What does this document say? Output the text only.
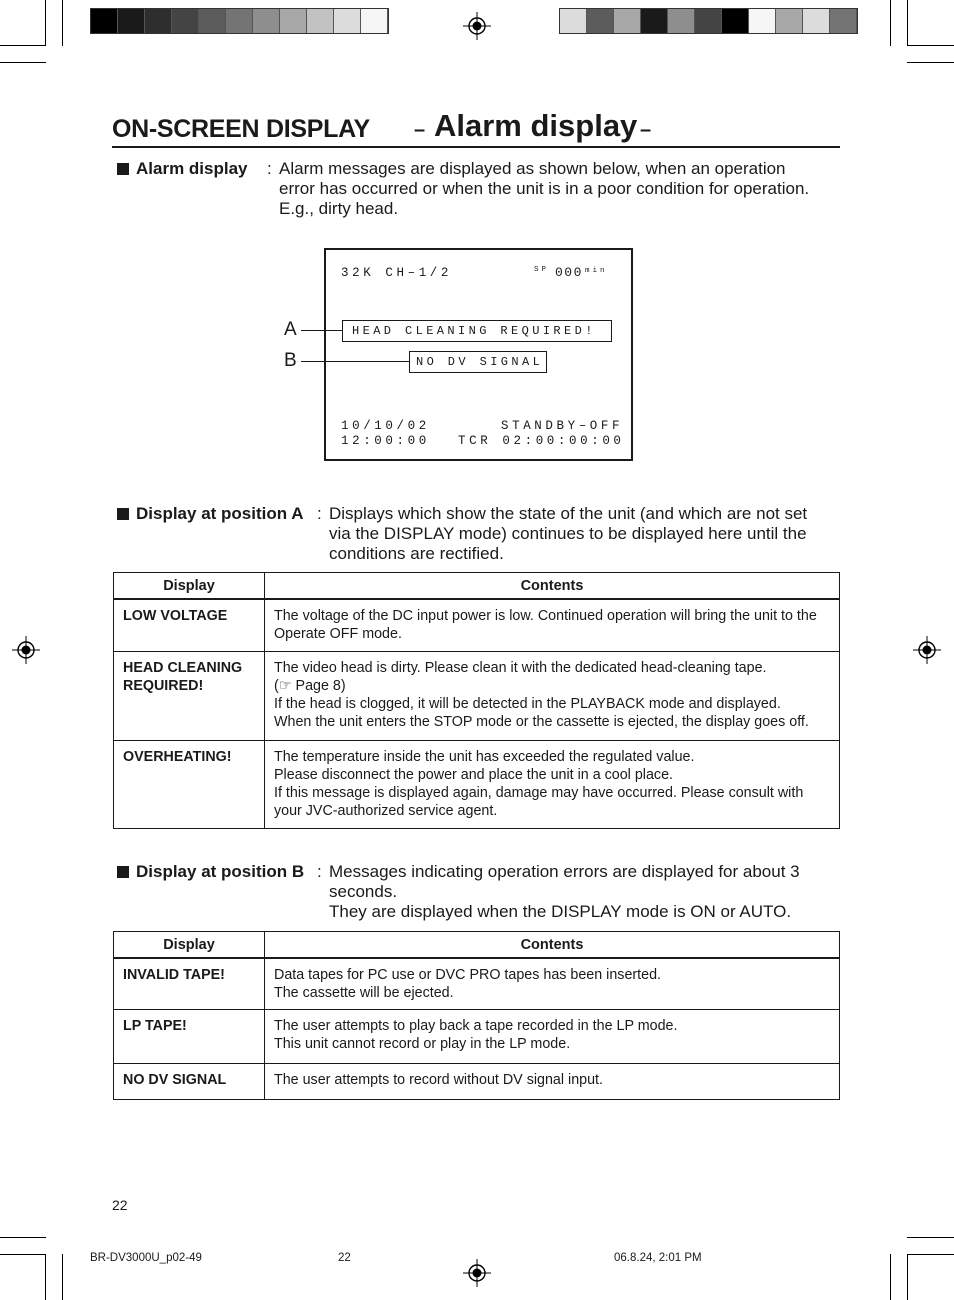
ON-SCREEN DISPLAY – Alarm display –
Alarm display : Alarm messages are displayed as shown below, when an operation
error has occurred or when the unit is in a poor condition for operation.
E.g., dirty head.
32K CH–1/2	SP 000 min
HEAD CLEANING REQUIRED!
NO DV SIGNAL
10/10/02	STANDBY–OFF
12:00:00 TCR 02:00:00:00
A
B
Display at position A : Displays which show the state of the unit (and which are not set
via the DISPLAY mode) continues to be displayed here until the
conditions are rectified.
Display	Contents
LOW VOLTAGE	The voltage of the DC input power is low. Continued operation will bring the unit to the
Operate OFF mode.

HEAD CLEANING REQUIRED!	The video head is dirty. Please clean it with the dedicated head-cleaning tape.
(☞ Page 8)
If the head is clogged, it will be detected in the PLAYBACK mode and displayed.
When the unit enters the STOP mode or the cassette is ejected, the display goes off.

OVERHEATING!	The temperature inside the unit has exceeded the regulated value.
Please disconnect the power and place the unit in a cool place.
If this message is displayed again, damage may have occurred. Please consult with
your JVC-authorized service agent.
Display at position B : Messages indicating operation errors are displayed for about 3
seconds.
They are displayed when the DISPLAY mode is ON or AUTO.
Display	Contents
INVALID TAPE!	Data tapes for PC use or DVC PRO tapes has been inserted.
The cassette will be ejected.

LP TAPE!	The user attempts to play back a tape recorded in the LP mode.
This unit cannot record or play in the LP mode.

NO DV SIGNAL	The user attempts to record without DV signal input.
22
BR-DV3000U_p02-49	22	06.8.24, 2:01 PM
